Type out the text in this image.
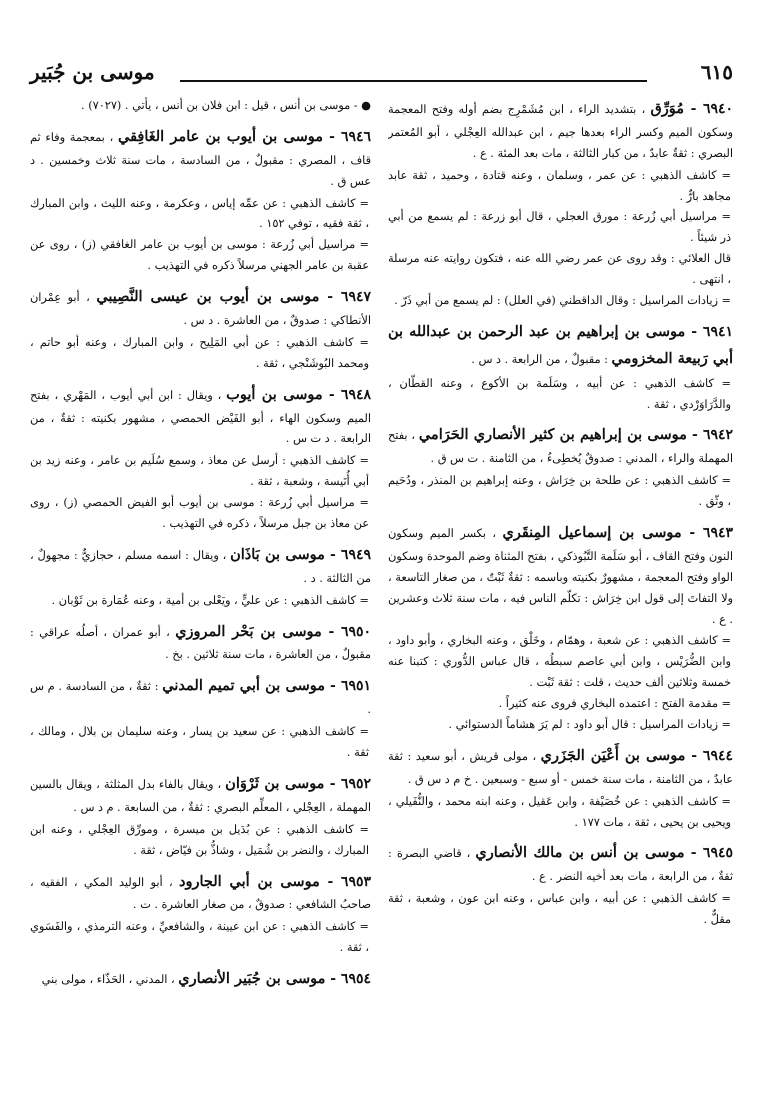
موسى بن جُبَير	٦١٥

٦٩٤٠ - مُوَرِّق ، بتشديد الراء ، ابن مُشَمْرِج بضم أوله وفتح المعجمة وسكون الميم وكسر الراء بعدها جيم ، ابن عبدالله العِجْلي ، أبو المُعتمر البصري : ثقةٌ عابدٌ ، من كبار الثالثة ، مات بعد المئة . ع .

= كاشف الذهبي : عن عمر ، وسلمان ، وعنه قتادة ، وحميد ، ثقة عابد مجاهد بارٌّ .

= مراسيل أبي زُرعة : مورق العجلي ، قال أبو زرعة : لم يسمع من أبي ذر شيئاً .

قال العلائي : وقد روى عن عمر رضي الله عنه ، فتكون روايته عنه مرسلة ، انتهى .

= زيادات المراسيل : وقال الداقطني (في العلل) : لم يسمع من أبي ذَرّ .

٦٩٤١ - موسى بن إبراهيم بن عبد الرحمن بن عبدالله بن أبي رَبيعة المخزومي : مقبولٌ ، من الرابعة . د س .

= كاشف الذهبي : عن أبيه ، وسَلَمة بن الأكوع ، وعنه القطّان ، والدَّرَاوَرْدي ، ثقة .

٦٩٤٢ - موسى بن إبراهيم بن كثير الأنصاري الحَرَامي ، بفتح المهملة والراء ، المدني : صدوقٌ يُخطِىءُ ، من الثامنة . ت س ق .

= كاشف الذهبي : عن طلحة بن خِرَاش ، وعنه إبراهيم بن المنذر ، ودُحَيم ، وثّق .

٦٩٤٣ - موسى بن إسماعيل المِنقَري ، بكسر الميم وسكون النون وفتح القاف ، أبو سَلَمة التَّبُوذكي ، بفتح المثناة وضم الموحدة وسكون الواو وفتح المعجمة ، مشهورٌ بكنيته وباسمه : ثقةٌ ثَبْتٌ ، من صغار التاسعة ، ولا التفاتَ إلى قول ابن خِرَاش : تكلّم الناس فيه ، مات سنة ثلاث وعشرين . ع .

= كاشف الذهبي : عن شعبة ، وهمّام ، وخَلْق ، وعنه البخاري ، وأبو داود ، وابن الضُّرَيْس ، وابن أبي عاصم سبطُه ، قال عباس الدُّوري : كتبنا عنه خمسة وثلاثين ألف حديث ، قلت : ثقة ثَبْت .

= مقدمة الفتح : اعتمده البخاري فروى عنه كثيراً .

= زيادات المراسيل : قال أبو داود : لم يَرَ هشاماً الدستوائي .

٦٩٤٤ - موسى بن أَعْيَن الجَزَري ، مولى قريش ، أبو سعيد : ثقة عابدٌ ، من الثامنة ، مات سنة خمس - أو سبع - وسبعين . خ م د س ق .

= كاشف الذهبي : عن خُصَيْفة ، وابن عَقيل ، وعنه ابنه محمد ، والنُّفَيلي ، ويحيى بن يحيى ، ثقة ، مات ١٧٧ .

٦٩٤٥ - موسى بن أنس بن مالك الأنصاري ، قاضي البصرة : ثقةٌ ، من الرابعة ، مات بعد أخيه النضر . ع .

= كاشف الذهبي : عن أبيه ، وابن عباس ، وعنه ابن عون ، وشعبة ، ثقة مقلٌّ .

● - موسى بن أنس ، قيل : ابن فلان بن أنس ، يأتي . (٧٠٢٧) .

٦٩٤٦ - موسى بن أيوب بن عامر الغَافِقي ، بمعجمة وفاء ثم قاف ، المصري : مقبولٌ ، من السادسة ، مات سنة ثلاث وخمسين . د عس ق .

= كاشف الذهبي : عن عمِّه إياس ، وعكرمة ، وعنه الليث ، وابن المبارك ، ثقة فقيه ، توفي ١٥٢ .

= مراسيل أبي زُرعة : موسى بن أيوب بن عامر الغافقي (ز) ، روى عن عقبة بن عامر الجهني مرسلاً ذكره في التهذيب .

٦٩٤٧ - موسى بن أيوب بن عيسى النَّصِيبي ، أبو عِمْران الأنطاكي : صدوقٌ ، من العاشرة . د س .

= كاشف الذهبي : عن أبي المَلِيح ، وابن المبارك ، وعنه أبو حاتم ، ومحمد البُوشَنْجي ، ثقة .

٦٩٤٨ - موسى بن أيوب ، ويقال : ابن أبي أيوب ، المَهْري ، بفتح الميم وسكون الهاء ، أبو الفَيْض الحمصي ، مشهور بكنيته : ثقةٌ ، من الرابعة . د ت س .

= كاشف الذهبي : أرسل عن معاذ ، وسمع سُلَيم بن عامر ، وعنه زيد بن أبي أُنَيسة ، وشعبة ، ثقة .

= مراسيل أبي زُرعة : موسى بن أيوب أبو الفيض الحمصي (ز) ، روى عن معاذ بن جبل مرسلاً ، ذكره في التهذيب .

٦٩٤٩ - موسى بن بَاذَان ، ويقال : اسمه مسلم ، حجازيٌّ : مجهولٌ ، من الثالثة . د .

= كاشف الذهبي : عن عليٍّ ، ويَعْلى بن أمية ، وعنه عُمَارة بن ثَوْبان .

٦٩٥٠ - موسى بن بَحْر المروزي ، أبو عمران ، أصلُه عراقي : مقبولٌ ، من العاشرة ، مات سنة ثلاثين . بخ .

٦٩٥١ - موسى بن أبي تميم المدني : ثقةٌ ، من السادسة . م س .

= كاشف الذهبي : عن سعيد بن يسار ، وعنه سليمان بن بلال ، ومالك ، ثقة .

٦٩٥٢ - موسى بن ثَرْوَان ، ويقال بالفاء بدل المثلثة ، ويقال بالسين المهملة ، العِجْلي ، المعلِّم البصري : ثقةٌ ، من السابعة . م د س .

= كاشف الذهبي : عن بُدَيل بن ميسرة ، ومورِّق العِجْلي ، وعنه ابن المبارك ، والنضر بن شُمَيل ، وشاذُّ بن فيّاض ، ثقة .

٦٩٥٣ - موسى بن أبي الجارود ، أبو الوليد المكي ، الفقيه ، صاحبُ الشافعي : صدوقٌ ، من صغار العاشرة . ت .

= كاشف الذهبي : عن ابن عيينة ، والشافعيِّ ، وعنه الترمذي ، والفَسَوي ، ثقة .

٦٩٥٤ - موسى بن جُبَير الأنصاري ، المدني ، الحَذّاء ، مولى بني
